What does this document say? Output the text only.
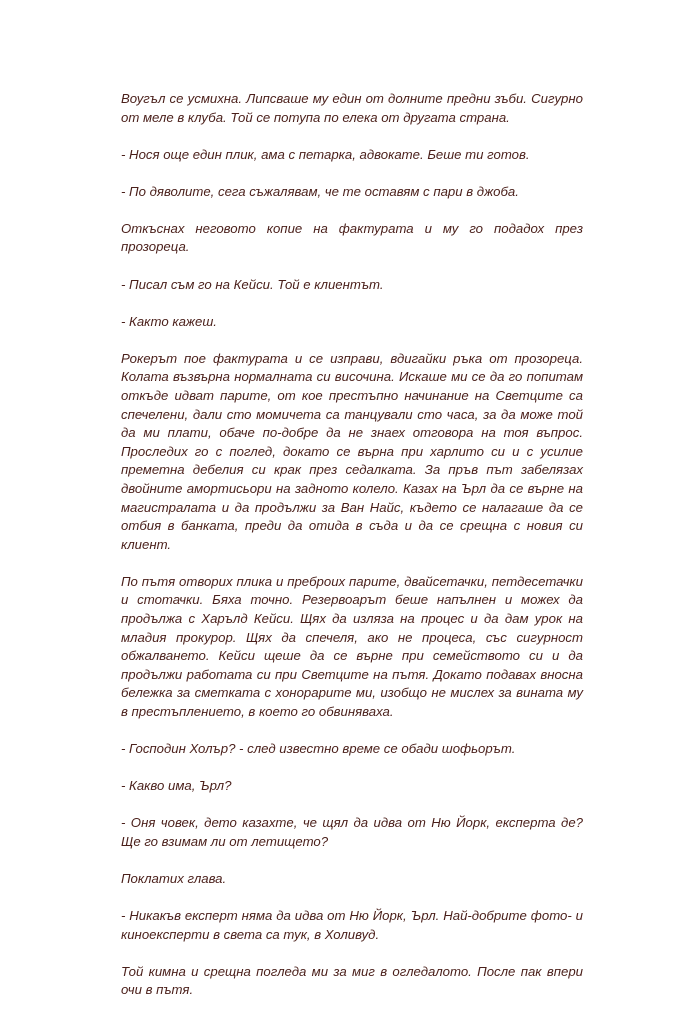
Воугъл се усмихна. Липсваше му един от долните предни зъби. Сигурно от меле в клуба. Той се потупа по елека от другата страна.

- Нося още един плик, ама с петарка, адвокате. Беше ти готов.

- По дяволите, сега съжалявам, че те оставям с пари в джоба.

Откъснах неговото копие на фактурата и му го подадох през прозореца.

- Писал съм го на Кейси. Той е клиентът.

- Както кажеш.

Рокерът пое фактурата и се изправи, вдигайки ръка от прозореца. Колата възвърна нормалната си височина. Искаше ми се да го попитам откъде идват парите, от кое престъпно начинание на Светците са спечелени, дали сто момичета са танцували сто часа, за да може той да ми плати, обаче по-добре да не знаех отговора на тоя въпрос. Проследих го с поглед, докато се върна при харлито си и с усилие преметна дебелия си крак през седалката. За пръв път забелязах двойните амортисьори на задното колело. Казах на Ърл да се върне на магистралата и да продължи за Ван Найс, където се налагаше да се отбия в банката, преди да отида в съда и да се срещна с новия си клиент.

По пътя отворих плика и преброих парите, двайсетачки, петдесетачки и стотачки. Бяха точно. Резервоарът беше напълнен и можех да продължа с Харълд Кейси. Щях да изляза на процес и да дам урок на младия прокурор. Щях да спечеля, ако не процеса, със сигурност обжалването. Кейси щеше да се върне при семейството си и да продължи работата си при Светците на пътя. Докато подавах вносна бележка за сметката с хонорарите ми, изобщо не мислех за вината му в престъплението, в което го обвиняваха.

- Господин Холър? - след известно време се обади шофьорът.

- Какво има, Ърл?

- Оня човек, дето казахте, че щял да идва от Ню Йорк, експерта де? Ще го взимам ли от летището?

Поклатих глава.

- Никакъв експерт няма да идва от Ню Йорк, Ърл. Най-добрите фото- и киноексперти в света са тук, в Холивуд.

Той кимна и срещна погледа ми за миг в огледалото. После пак впери очи в пътя.
